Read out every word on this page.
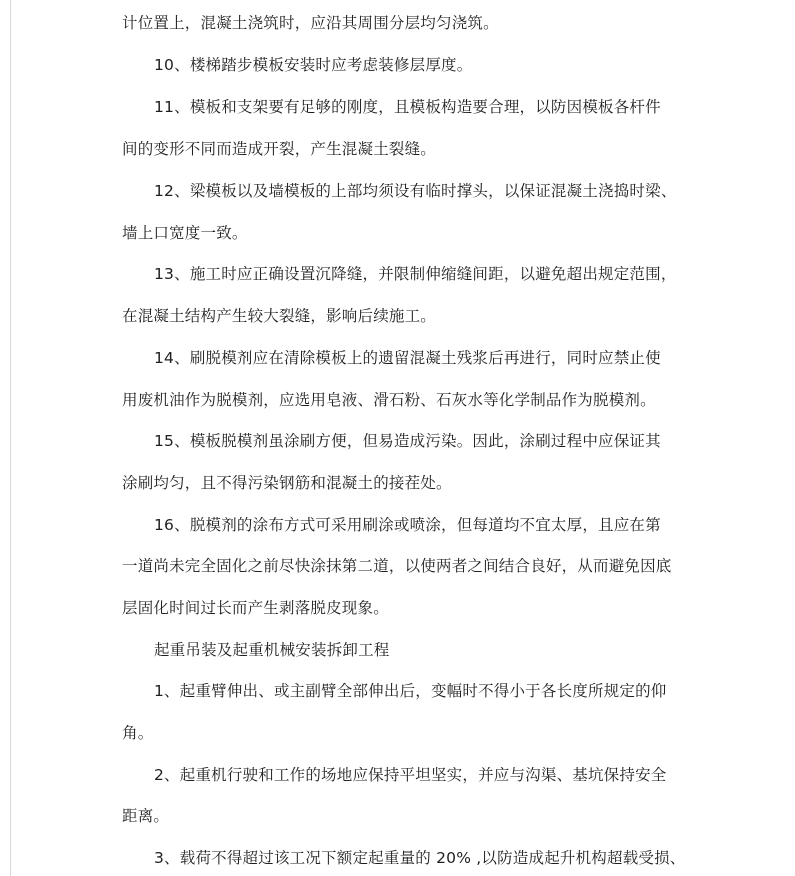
计位置上，混凝土浇筑时，应沿其周围分层均匀浇筑。
10、楼梯踏步模板安装时应考虑装修层厚度。
11、模板和支架要有足够的刚度，且模板构造要合理，以防因模板各杆件
间的变形不同而造成开裂，产生混凝土裂缝。
12、梁模板以及墙模板的上部均须设有临时撑头，以保证混凝土浇捣时梁、
墙上口宽度一致。
13、施工时应正确设置沉降缝，并限制伸缩缝间距，以避免超出规定范围，
在混凝土结构产生较大裂缝，影响后续施工。
14、刷脱模剂应在清除模板上的遗留混凝土残浆后再进行，同时应禁止使
用废机油作为脱模剂，应选用皂液、滑石粉、石灰水等化学制品作为脱模剂。
15、模板脱模剂虽涂刷方便，但易造成污染。因此，涂刷过程中应保证其
涂刷均匀，且不得污染钢筋和混凝土的接茬处。
16、脱模剂的涂布方式可采用刷涂或喷涂，但每道均不宜太厚，且应在第
一道尚未完全固化之前尽快涂抹第二道，以使两者之间结合良好，从而避免因底
层固化时间过长而产生剥落脱皮现象。
起重吊装及起重机械安装拆卸工程
1、起重臂伸出、或主副臂全部伸出后，变幅时不得小于各长度所规定的仰
角。
2、起重机行驶和工作的场地应保持平坦坚实，并应与沟渠、基坑保持安全
距离。
3、载荷不得超过该工况下额定起重量的 20% ,以防造成起升机构超载受损、
